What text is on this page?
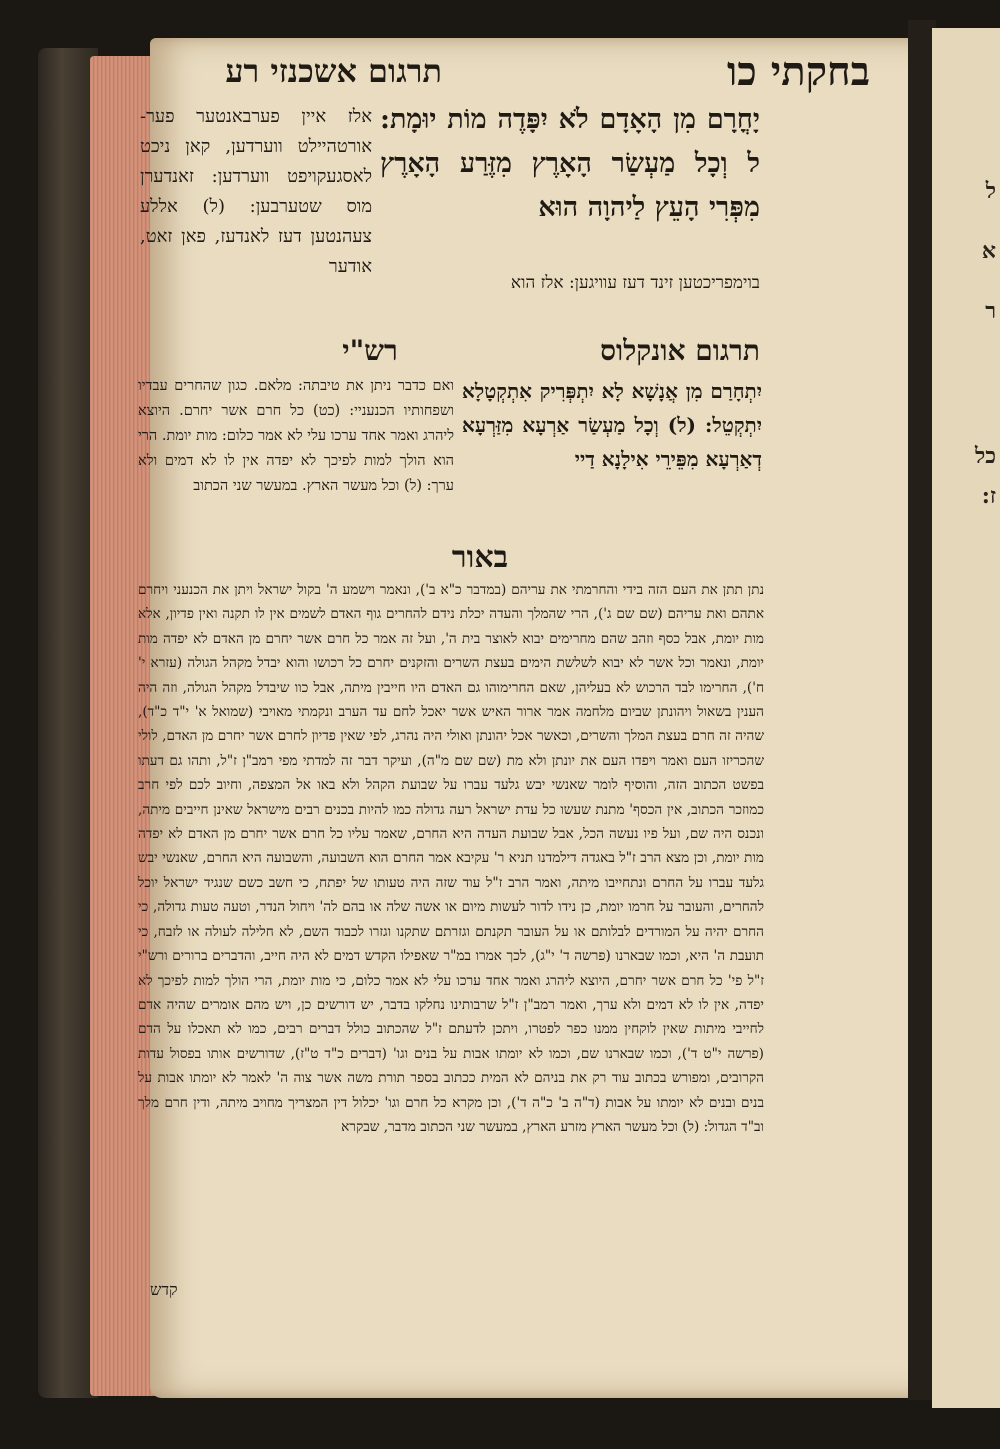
ל
א
ר
כל
ז:
בחקתי כו
תרגום אשכנזי רע
יָחֳרָם מִן הָאָדָם לֹא יִפָּדֶה מוֹת יוּמָת: ל וְכָל מַעְשַׂר הָאָרֶץ מִזֶּרַע הָאָרֶץ מִפְּרִי הָעֵץ לַיהוָה הוּא
אלז איין פערבאנטער פער- אורטהיילט ווערדען, קאן ניכט לאסגעקויפט ווערדען: זאנדערן מוס שטערבען: (ל) אללע צעהנטען דעז לאנדעז, פאן זאט, אודער
בוימפריכטען זינד דעז עוויגען: אלז הוא
תרגום אונקלוס
רש"י
יִתְחָרַם מִן אֲנָשָׁא לָא יִתְפְּרִיק אִתְקְטָלָא יִתְקְטֵל: (ל) וְכָל מַעְשַׂר אַרְעָא מִזַּרְעָא דְאַרְעָא מִפֵּירֵי אִילָנָא דַיי
ואם כדבר ניתן את טיבתה: מלאם. כגון שהחרים עבדיו ושפחותיו הכנעניי: (כט) כל חרם אשר יחרם. היוצא ליהרג ואמר אחד ערכו עלי לא אמר כלום: מות יומת. הרי הוא הולך למות לפיכך לא יפדה אין לו לא דמים ולא ערך: (ל) וכל מעשר הארץ. במעשר שני הכתוב
באור
נתן תתן את העם הזה בידי והחרמתי את עריהם (במדבר כ"א ב'), ונאמר וישמע ה' בקול ישראל ויתן את הכנעני ויחרם אתהם ואת עריהם (שם שם ג'), הרי שהמלך והעדה יכלת נידם להחרים גוף האדם לשמים אין לו תקנה ואין פדיון, אלא מות יומת, אבל כסף וזהב שהם מחרימים יבוא לאוצר בית ה', ועל זה אמר כל חרם אשר יחרם מן האדם לא יפדה מות יומת, ונאמר וכל אשר לא יבוא לשלשת הימים בעצת השרים והזקנים יחרם כל רכושו והוא יבדל מקהל הגולה (עזרא י' ח'), החרימו לבד הרכוש לא בעליהן, שאם החרימוהו גם האדם היו חייבין מיתה, אבל כוו שיבדל מקהל הגולה, וזה היה הענין בשאול ויהונתן שביום מלחמה אמר ארור האיש אשר יאכל לחם עד הערב ונקמתי מאויבי (שמואל א' י"ד כ"ד), שהיה זה חרם בעצת המלך והשרים, וכאשר אכל יהונתן ואולי היה נהרג, לפי שאין פדיון לחרם אשר יחרם מן האדם, לולי שהכריזו העם ואמר ויפדו העם את יונתן ולא מת (שם שם מ"ה), ועיקר דבר זה למדתי מפי רמב"ן ז"ל, ותהו גם דעתו בפשט הכתוב הזה, והוסיף לומר שאנשי יבש גלעד עברו על שבועת הקהל ולא באו אל המצפה, וחיוב לכם לפי חרב כמוזכר הכתוב, אין הכסף' מתנת שעשו כל עדת ישראל רעה גדולה כמו להיות בכנים רבים מישראל שאינן חייבים מיתה, ונכנס היה שם, ועל פיו נעשה הכל, אבל שבועת העדה היא החרם, שאמר עליו כל חרם אשר יחרם מן האדם לא יפדה מות יומת, וכן מצא הרב ז"ל באגדה דילמדנו תניא ר' עקיבא אמר החרם הוא השבועה, והשבועה היא החרם, שאנשי יבש גלעד עברו על החרם ונתחייבו מיתה, ואמר הרב ז"ל עוד שזה היה טעותו של יפתח, כי חשב כשם שנגיד ישראל יוכל להחרים, והעובר על חרמו יומת, כן נידו לדור לעשות מיום או אשה שלה או בהם לה' ויחול הנדר, וטעה טעות גדולה, כי החרם יהיה על המורדים לבלותם או על העובר תקנתם וגזרתם שתקנו וגזרו לכבוד השם, לא חלילה לעולה או לזבח, כי תועבת ה' היא, וכמו שבארנו (פרשה ד' י"ג), לכך אמרו במ"ר שאפילו הקדש דמים לא היה חייב, והדברים ברורים ורש"י ז"ל פי' כל חרם אשר יחרם, היוצא ליהרג ואמר אחד ערכו עלי לא אמר כלום, כי מות יומת, הרי הולך למות לפיכך לא יפדה, אין לו לא דמים ולא ערך, ואמר רמב"ן ז"ל שרבותינו נחלקו בדבר, יש דורשים כן, ויש מהם אומרים שהיה אדם לחייבי מיתות שאין לוקחין ממנו כפר לפטרו, ויתכן לדעתם ז"ל שהכתוב כולל דברים רבים, כמו לא תאכלו על הדם (פרשה י"ט ד'), וכמו שבארנו שם, וכמו לא יומתו אבות על בנים וגו' (דברים כ"ד ט"ז), שדורשים אותו בפסול עדות הקרובים, ומפורש בכתוב עוד רק את בניהם לא המית ככתוב בספר תורת משה אשר צוה ה' לאמר לא יומתו אבות על בנים ובנים לא יומתו על אבות (ד"ה ב' כ"ה ד'), וכן מקרא כל חרם וגו' יכלול דין המצריך מחויב מיתה, ודין חרם מלך וב"ד הגדול: (ל) וכל מעשר הארץ מזרע הארץ, במעשר שני הכתוב מדבר, שבקרא
קדש
